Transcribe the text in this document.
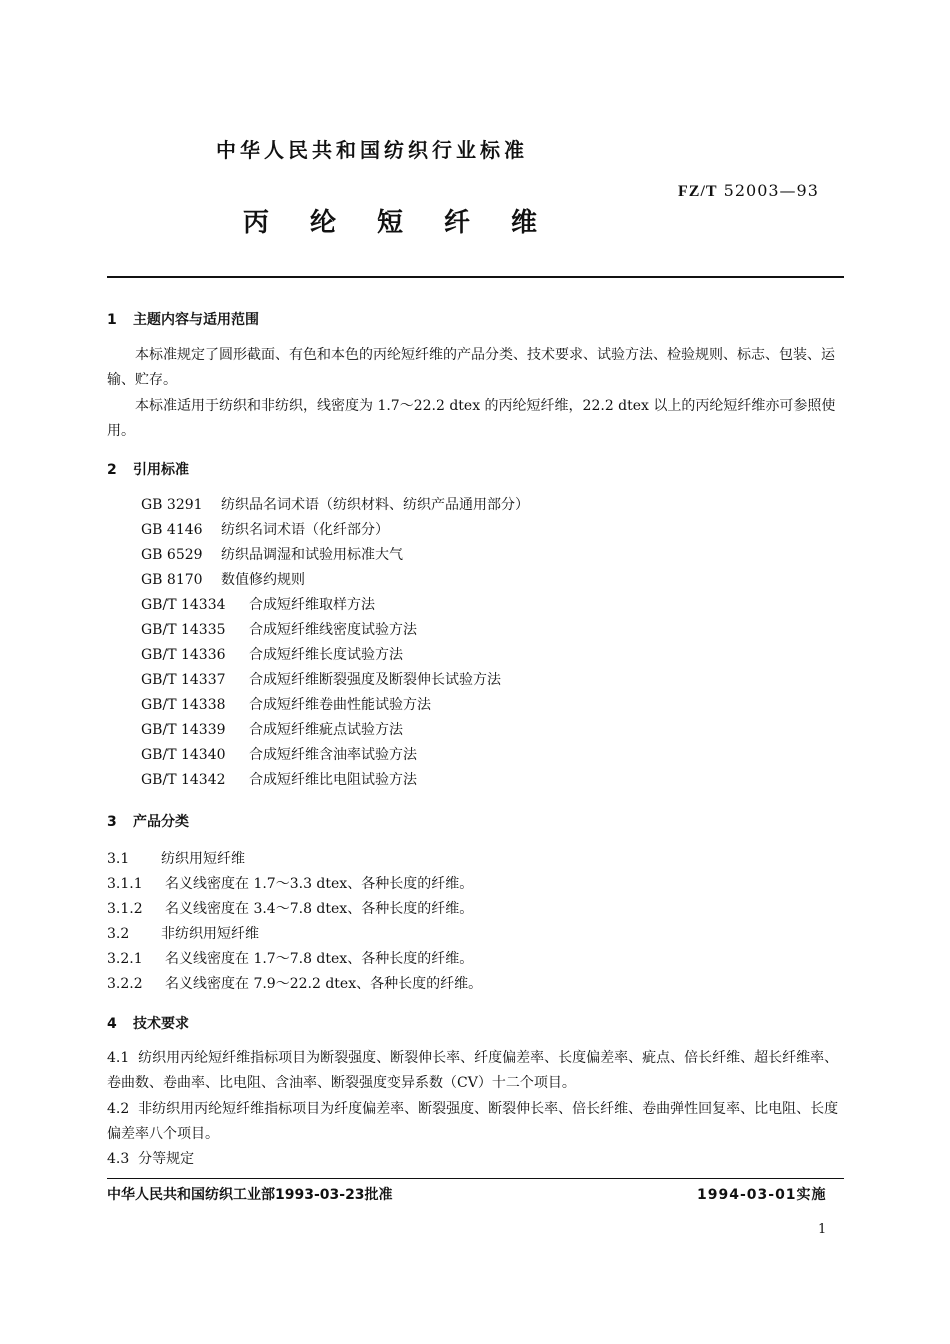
中华人民共和国纺织行业标准
FZ/T 52003—93
丙纶短纤维
1 主题内容与适用范围
本标准规定了圆形截面、有色和本色的丙纶短纤维的产品分类、技术要求、试验方法、检验规则、标志、包装、运输、贮存。
本标准适用于纺织和非纺织，线密度为 1.7～22.2 dtex 的丙纶短纤维，22.2 dtex 以上的丙纶短纤维亦可参照使用。
2 引用标准
GB 3291 纺织品名词术语（纺织材料、纺织产品通用部分）
GB 4146 纺织名词术语（化纤部分）
GB 6529 纺织品调湿和试验用标准大气
GB 8170 数值修约规则
GB/T 14334 合成短纤维取样方法
GB/T 14335 合成短纤维线密度试验方法
GB/T 14336 合成短纤维长度试验方法
GB/T 14337 合成短纤维断裂强度及断裂伸长试验方法
GB/T 14338 合成短纤维卷曲性能试验方法
GB/T 14339 合成短纤维疵点试验方法
GB/T 14340 合成短纤维含油率试验方法
GB/T 14342 合成短纤维比电阻试验方法
3 产品分类
3.1 纺织用短纤维
3.1.1 名义线密度在 1.7～3.3 dtex、各种长度的纤维。
3.1.2 名义线密度在 3.4～7.8 dtex、各种长度的纤维。
3.2 非纺织用短纤维
3.2.1 名义线密度在 1.7～7.8 dtex、各种长度的纤维。
3.2.2 名义线密度在 7.9～22.2 dtex、各种长度的纤维。
4 技术要求
4.1 纺织用丙纶短纤维指标项目为断裂强度、断裂伸长率、纤度偏差率、长度偏差率、疵点、倍长纤维、超长纤维率、卷曲数、卷曲率、比电阻、含油率、断裂强度变异系数（CV）十二个项目。
4.2 非纺织用丙纶短纤维指标项目为纤度偏差率、断裂强度、断裂伸长率、倍长纤维、卷曲弹性回复率、比电阻、长度偏差率八个项目。
4.3 分等规定
中华人民共和国纺织工业部1993-03-23批准	1994-03-01实施
1
